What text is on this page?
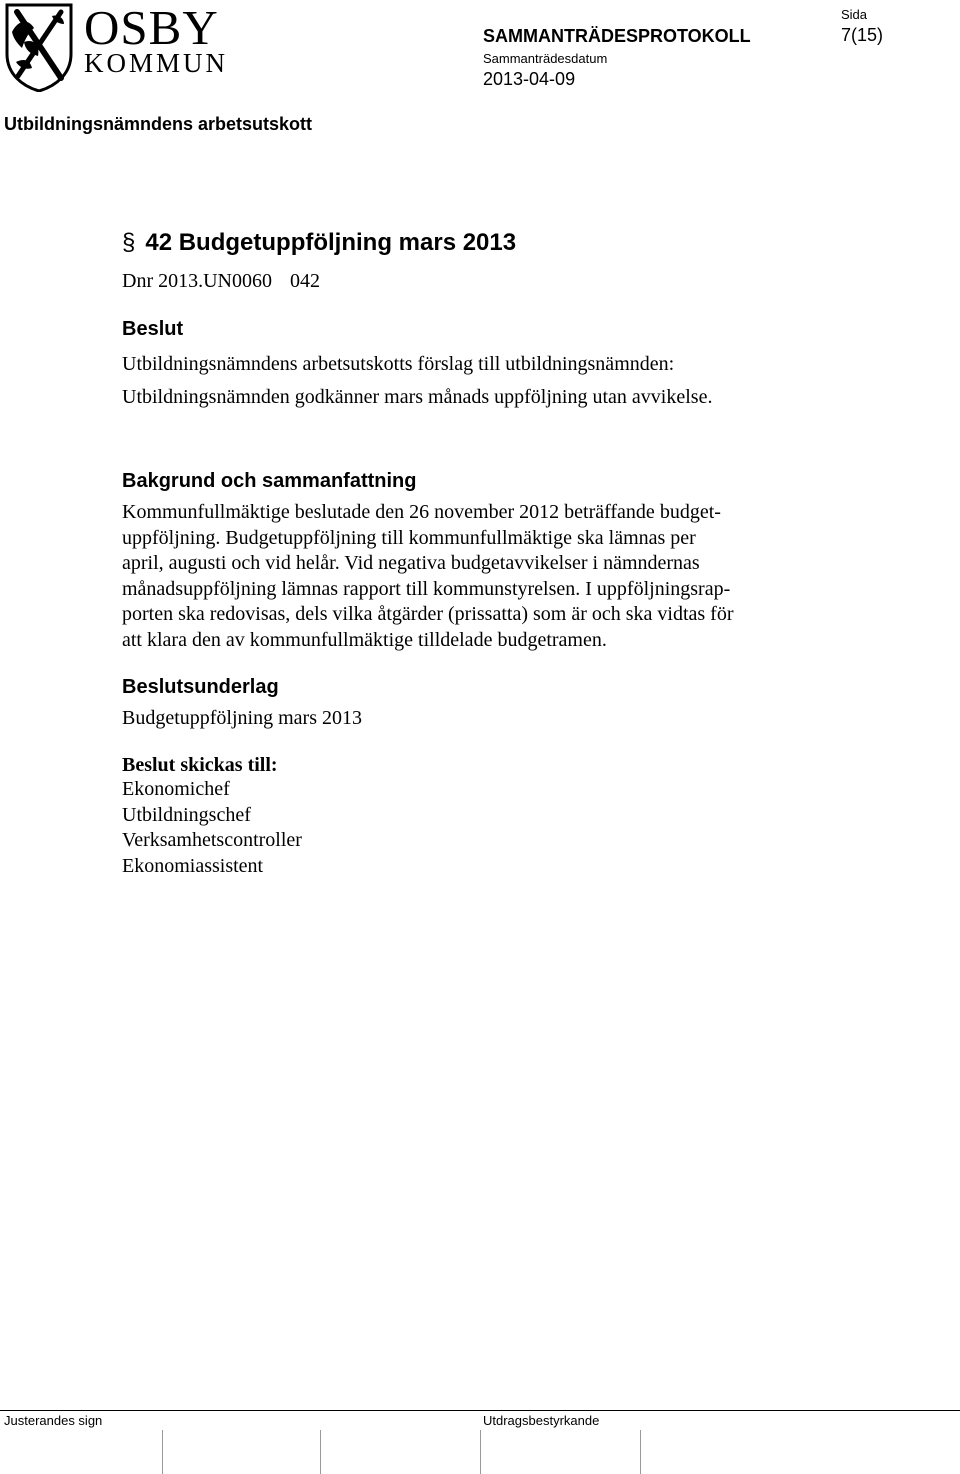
OSBY
KOMMUN
SAMMANTRÄDESPROTOKOLL
Sammanträdesdatum
2013-04-09
Sida
7(15)
Utbildningsnämndens arbetsutskott
§ 42 Budgetuppföljning mars 2013
Dnr 2013.UN0060 042
Beslut
Utbildningsnämndens arbetsutskotts förslag till utbildningsnämnden:
Utbildningsnämnden godkänner mars månads uppföljning utan avvikelse.
Bakgrund och sammanfattning
Kommunfullmäktige beslutade den 26 november 2012 beträffande budget-
uppföljning. Budgetuppföljning till kommunfullmäktige ska lämnas per
april, augusti och vid helår. Vid negativa budgetavvikelser i nämndernas
månadsuppföljning lämnas rapport till kommunstyrelsen. I uppföljningsrap-
porten ska redovisas, dels vilka åtgärder (prissatta) som är och ska vidtas för
att klara den av kommunfullmäktige tilldelade budgetramen.
Beslutsunderlag
Budgetuppföljning mars 2013
Beslut skickas till:
Ekonomichef
Utbildningschef
Verksamhetscontroller
Ekonomiassistent
Justerandes sign	Utdragsbestyrkande
